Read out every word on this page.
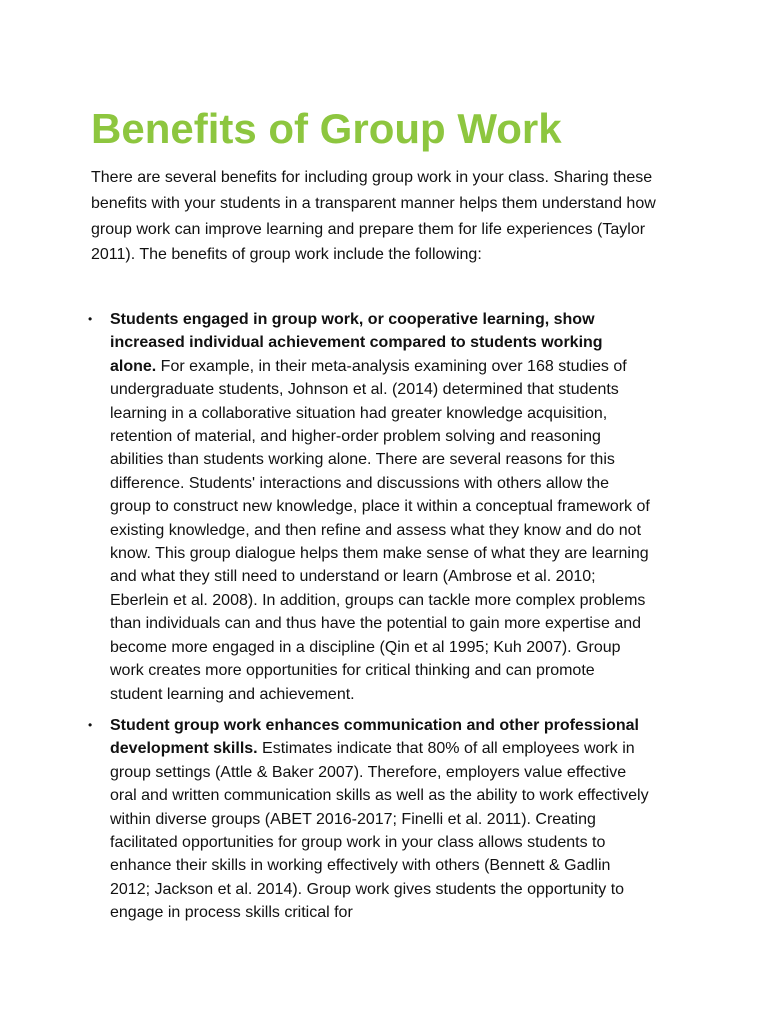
Benefits of Group Work

There are several benefits for including group work in your class. Sharing these benefits with your students in a transparent manner helps them understand how group work can improve learning and prepare them for life experiences (Taylor 2011). The benefits of group work include the following:

• Students engaged in group work, or cooperative learning, show increased individual achievement compared to students working alone. For example, in their meta-analysis examining over 168 studies of undergraduate students, Johnson et al. (2014) determined that students learning in a collaborative situation had greater knowledge acquisition, retention of material, and higher-order problem solving and reasoning abilities than students working alone. There are several reasons for this difference. Students' interactions and discussions with others allow the group to construct new knowledge, place it within a conceptual framework of existing knowledge, and then refine and assess what they know and do not know. This group dialogue helps them make sense of what they are learning and what they still need to understand or learn (Ambrose et al. 2010; Eberlein et al. 2008). In addition, groups can tackle more complex problems than individuals can and thus have the potential to gain more expertise and become more engaged in a discipline (Qin et al 1995; Kuh 2007). Group work creates more opportunities for critical thinking and can promote student learning and achievement.
• Student group work enhances communication and other professional development skills. Estimates indicate that 80% of all employees work in group settings (Attle & Baker 2007). Therefore, employers value effective oral and written communication skills as well as the ability to work effectively within diverse groups (ABET 2016-2017; Finelli et al. 2011). Creating facilitated opportunities for group work in your class allows students to enhance their skills in working effectively with others (Bennett & Gadlin 2012; Jackson et al. 2014). Group work gives students the opportunity to engage in process skills critical for
